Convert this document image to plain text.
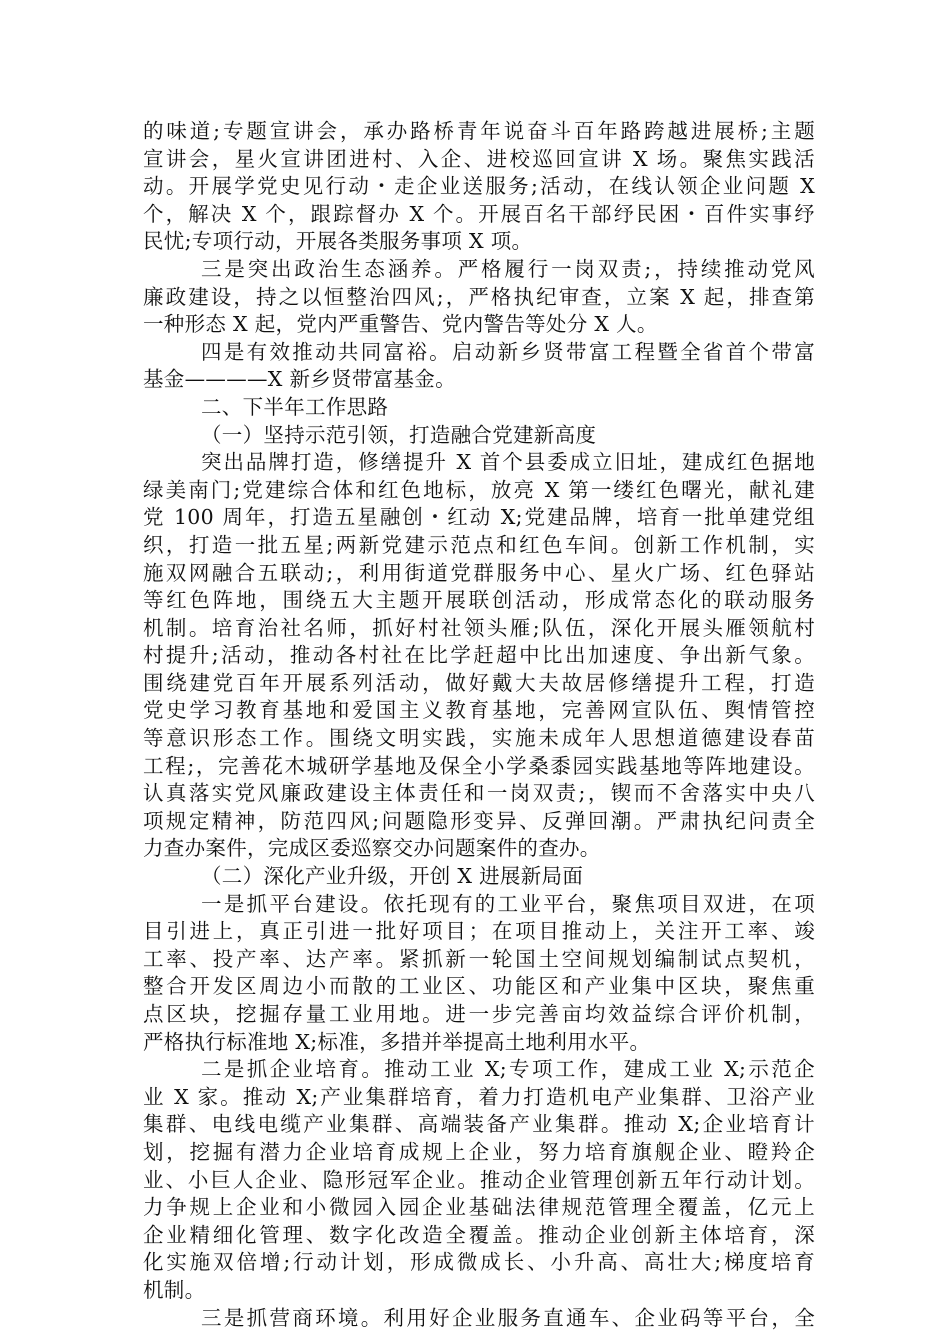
的味道;专题宣讲会，承办路桥青年说奋斗百年路跨越进展桥;主题
宣讲会，星火宣讲团进村、入企、进校巡回宣讲 X 场。聚焦实践活
动。开展学党史见行动・走企业送服务;活动，在线认领企业问题 X
个，解决 X 个，跟踪督办 X 个。开展百名干部纾民困・百件实事纾
民忧;专项行动，开展各类服务事项 X 项。
三是突出政治生态涵养。严格履行一岗双责;，持续推动党风
廉政建设，持之以恒整治四风;，严格执纪审查，立案 X 起，排查第
一种形态 X 起，党内严重警告、党内警告等处分 X 人。
四是有效推动共同富裕。启动新乡贤带富工程暨全省首个带富
基金————X 新乡贤带富基金。
二、下半年工作思路
（一）坚持示范引领，打造融合党建新高度
突出品牌打造，修缮提升 X 首个县委成立旧址，建成红色据地
绿美南门;党建综合体和红色地标，放亮 X 第一缕红色曙光，献礼建
党 100 周年，打造五星融创・红动 X;党建品牌，培育一批单建党组
织，打造一批五星;两新党建示范点和红色车间。创新工作机制，实
施双网融合五联动;，利用街道党群服务中心、星火广场、红色驿站
等红色阵地，围绕五大主题开展联创活动，形成常态化的联动服务
机制。培育治社名师，抓好村社领头雁;队伍，深化开展头雁领航村
村提升;活动，推动各村社在比学赶超中比出加速度、争出新气象。
围绕建党百年开展系列活动，做好戴大夫故居修缮提升工程，打造
党史学习教育基地和爱国主义教育基地，完善网宣队伍、舆情管控
等意识形态工作。围绕文明实践，实施未成年人思想道德建设春苗
工程;，完善花木城研学基地及保全小学桑黍园实践基地等阵地建设。
认真落实党风廉政建设主体责任和一岗双责;，锲而不舍落实中央八
项规定精神，防范四风;问题隐形变异、反弹回潮。严肃执纪问责全
力查办案件，完成区委巡察交办问题案件的查办。
（二）深化产业升级，开创 X 进展新局面
一是抓平台建设。依托现有的工业平台，聚焦项目双进，在项
目引进上，真正引进一批好项目；在项目推动上，关注开工率、竣
工率、投产率、达产率。紧抓新一轮国土空间规划编制试点契机，
整合开发区周边小而散的工业区、功能区和产业集中区块，聚焦重
点区块，挖掘存量工业用地。进一步完善亩均效益综合评价机制，
严格执行标准地 X;标准，多措并举提高土地利用水平。
二是抓企业培育。推动工业 X;专项工作，建成工业 X;示范企
业 X 家。推动 X;产业集群培育，着力打造机电产业集群、卫浴产业
集群、电线电缆产业集群、高端装备产业集群。推动 X;企业培育计
划，挖掘有潜力企业培育成规上企业，努力培育旗舰企业、瞪羚企
业、小巨人企业、隐形冠军企业。推动企业管理创新五年行动计划。
力争规上企业和小微园入园企业基础法律规范管理全覆盖，亿元上
企业精细化管理、数字化改造全覆盖。推动企业创新主体培育，深
化实施双倍增;行动计划，形成微成长、小升高、高壮大;梯度培育
机制。
三是抓营商环境。利用好企业服务直通车、企业码等平台，全
